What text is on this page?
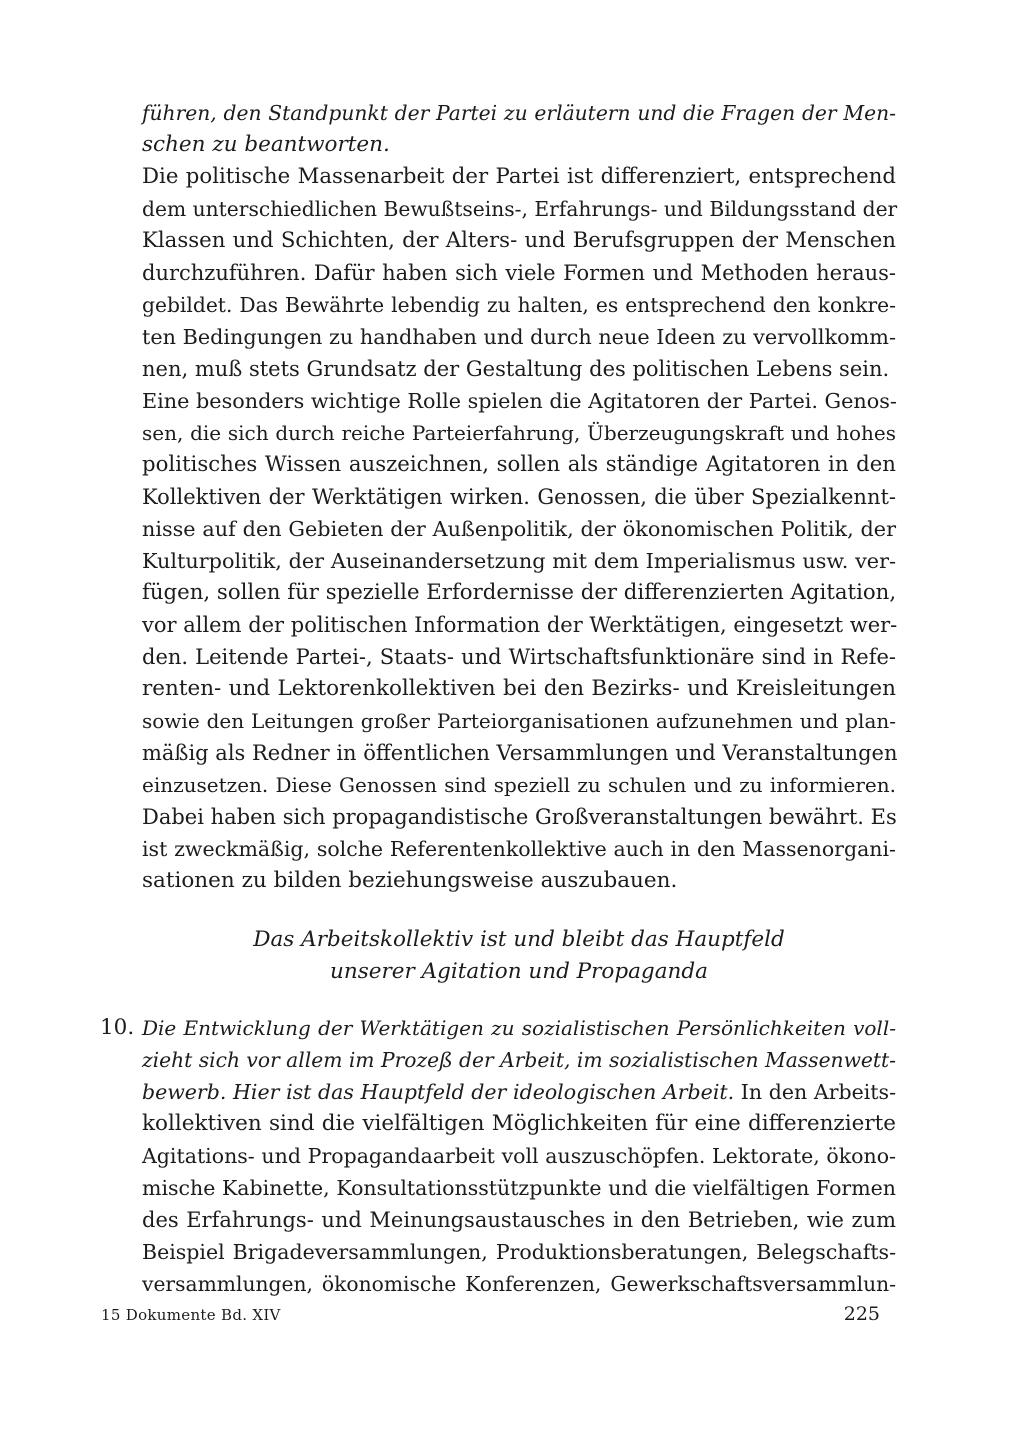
führen, den Standpunkt der Partei zu erläutern und die Fragen der Men-
schen zu beantworten.
Die politische Massenarbeit der Partei ist differenziert, entsprechend
dem unterschiedlichen Bewußtseins-, Erfahrungs- und Bildungsstand der
Klassen und Schichten, der Alters- und Berufsgruppen der Menschen
durchzuführen. Dafür haben sich viele Formen und Methoden heraus-
gebildet. Das Bewährte lebendig zu halten, es entsprechend den konkre-
ten Bedingungen zu handhaben und durch neue Ideen zu vervollkomm-
nen, muß stets Grundsatz der Gestaltung des politischen Lebens sein.
Eine besonders wichtige Rolle spielen die Agitatoren der Partei. Genos-
sen, die sich durch reiche Parteierfahrung, Überzeugungskraft und hohes
politisches Wissen auszeichnen, sollen als ständige Agitatoren in den
Kollektiven der Werktätigen wirken. Genossen, die über Spezialkennt-
nisse auf den Gebieten der Außenpolitik, der ökonomischen Politik, der
Kulturpolitik, der Auseinandersetzung mit dem Imperialismus usw. ver-
fügen, sollen für spezielle Erfordernisse der differenzierten Agitation,
vor allem der politischen Information der Werktätigen, eingesetzt wer-
den. Leitende Partei-, Staats- und Wirtschaftsfunktionäre sind in Refe-
renten- und Lektorenkollektiven bei den Bezirks- und Kreisleitungen
sowie den Leitungen großer Parteiorganisationen aufzunehmen und plan-
mäßig als Redner in öffentlichen Versammlungen und Veranstaltungen
einzusetzen. Diese Genossen sind speziell zu schulen und zu informieren.
Dabei haben sich propagandistische Großveranstaltungen bewährt. Es
ist zweckmäßig, solche Referentenkollektive auch in den Massenorgani-
sationen zu bilden beziehungsweise auszubauen.
Das Arbeitskollektiv ist und bleibt das Hauptfeld
unserer Agitation und Propaganda
10. Die Entwicklung der Werktätigen zu sozialistischen Persönlichkeiten voll-
zieht sich vor allem im Prozeß der Arbeit, im sozialistischen Massenwett-
bewerb. Hier ist das Hauptfeld der ideologischen Arbeit. In den Arbeits-
kollektiven sind die vielfältigen Möglichkeiten für eine differenzierte
Agitations- und Propagandaarbeit voll auszuschöpfen. Lektorate, ökono-
mische Kabinette, Konsultationsstützpunkte und die vielfältigen Formen
des Erfahrungs- und Meinungsaustausches in den Betrieben, wie zum
Beispiel Brigadeversammlungen, Produktionsberatungen, Belegschafts-
versammlungen, ökonomische Konferenzen, Gewerkschaftsversammlun-
15 Dokumente Bd. XIV	225
